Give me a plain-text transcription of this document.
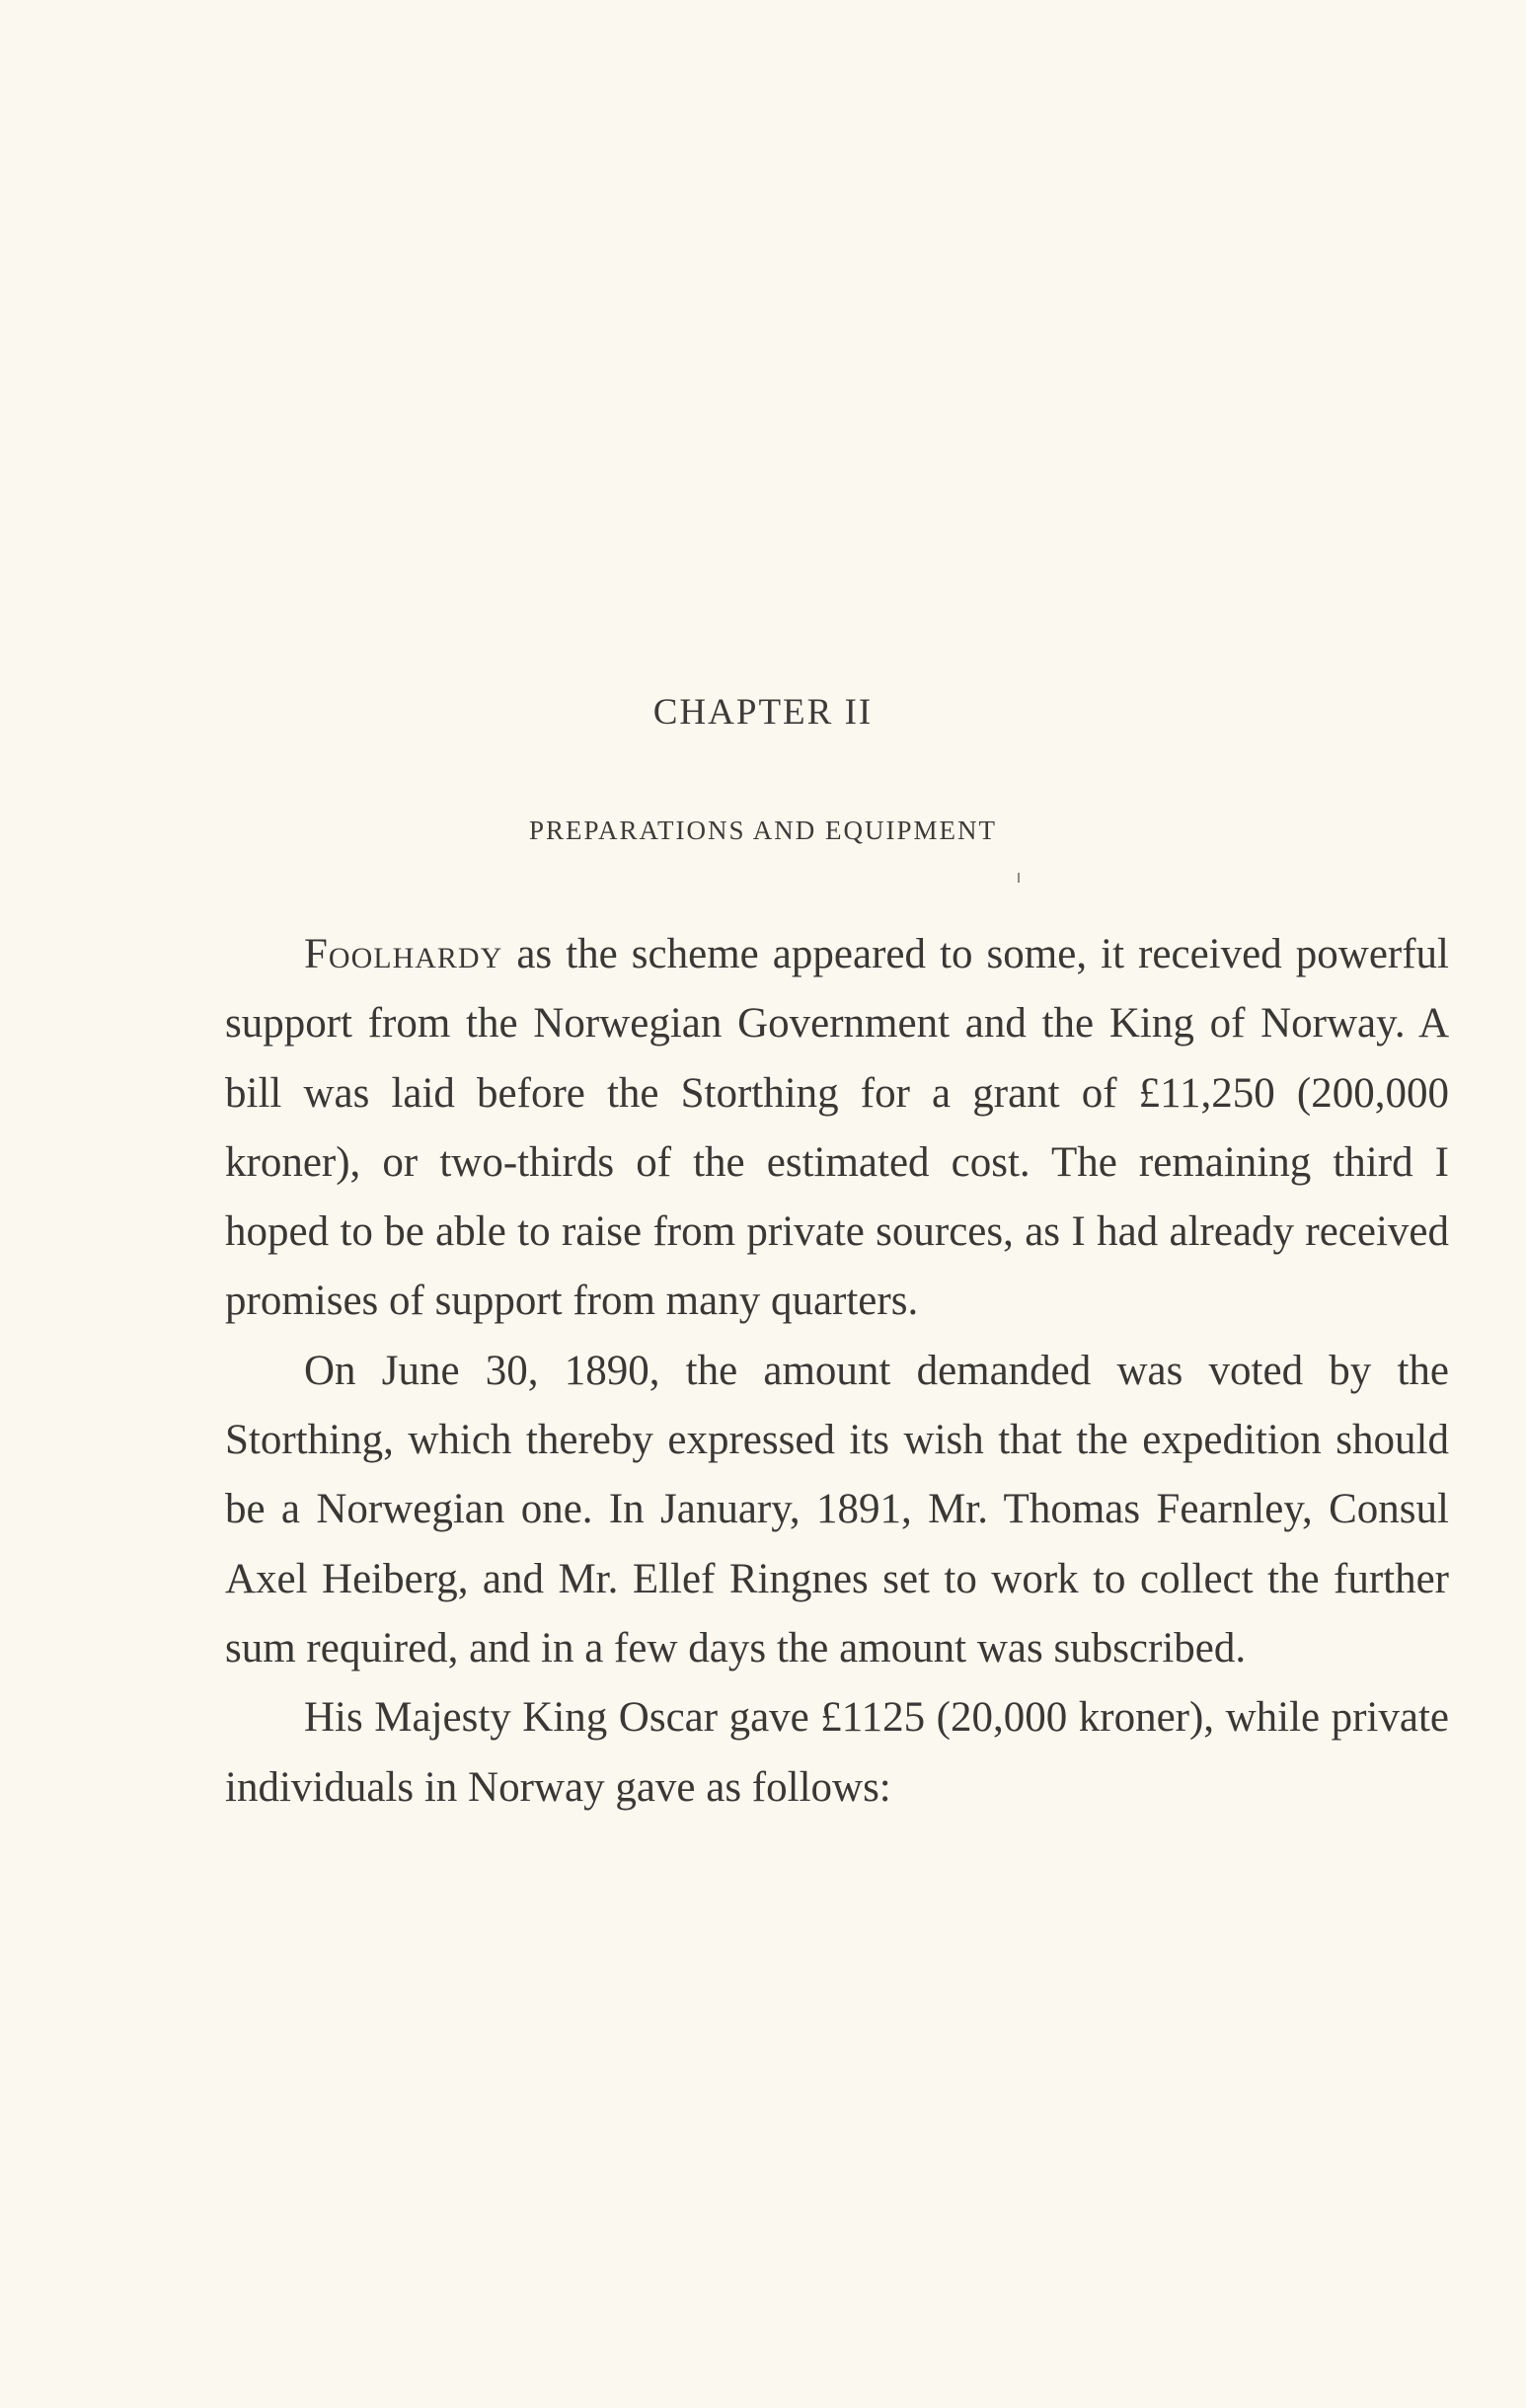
CHAPTER II
PREPARATIONS AND EQUIPMENT

Foolhardy as the scheme appeared to some, it received powerful support from the Norwegian Government and the King of Norway. A bill was laid before the Storthing for a grant of £11,250 (200,000 kroner), or two-thirds of the estimated cost. The remaining third I hoped to be able to raise from private sources, as I had already received promises of support from many quarters.

On June 30, 1890, the amount demanded was voted by the Storthing, which thereby expressed its wish that the expedition should be a Norwegian one. In January, 1891, Mr. Thomas Fearnley, Consul Axel Heiberg, and Mr. Ellef Ringnes set to work to collect the further sum required, and in a few days the amount was subscribed.

His Majesty King Oscar gave £1125 (20,000 kroner), while private individuals in Norway gave as follows:
